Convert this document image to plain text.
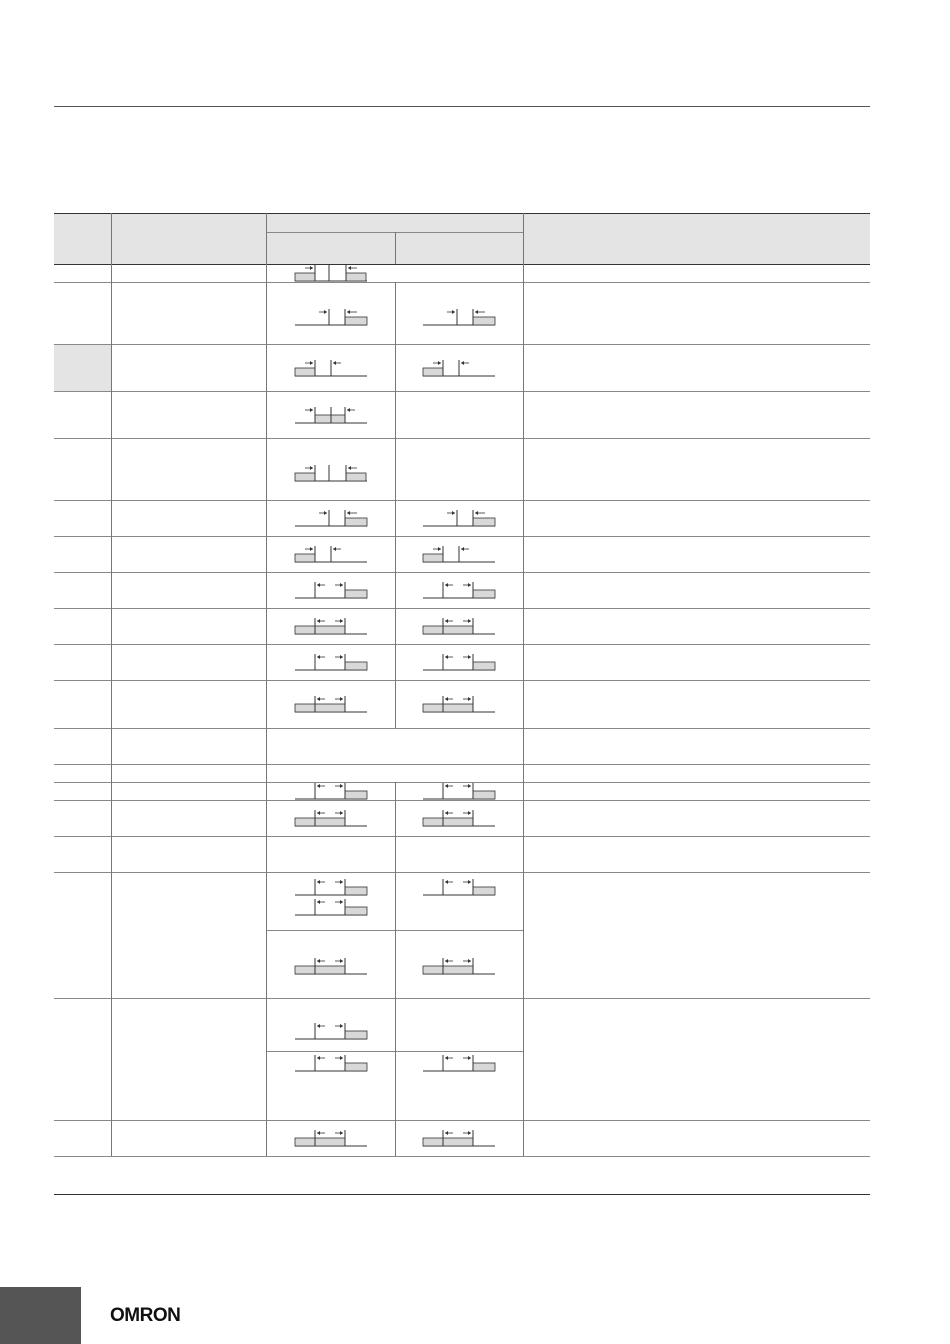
OMRON
